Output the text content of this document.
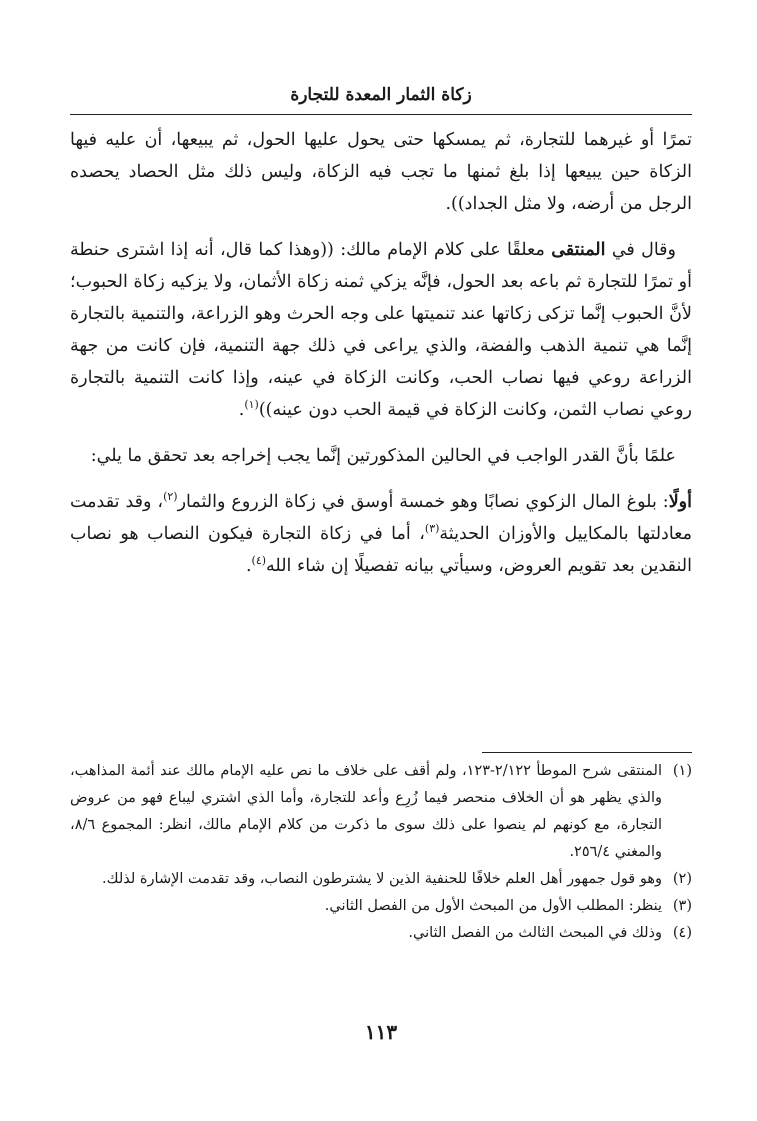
زكاة الثمار المعدة للتجارة

تمرًا أو غيرهما للتجارة، ثم يمسكها حتى يحول عليها الحول، ثم يبيعها، أن عليه فيها الزكاة حين يبيعها إذا بلغ ثمنها ما تجب فيه الزكاة، وليس ذلك مثل الحصاد يحصده الرجل من أرضه، ولا مثل الجداد)).

وقال في المنتقى معلقًا على كلام الإمام مالك: ((وهذا كما قال، أنه إذا اشترى حنطة أو تمرًا للتجارة ثم باعه بعد الحول، فإنَّه يزكي ثمنه زكاة الأثمان، ولا يزكيه زكاة الحبوب؛ لأنَّ الحبوب إنَّما تزكى زكاتها عند تنميتها على وجه الحرث وهو الزراعة، والتنمية بالتجارة إنَّما هي تنمية الذهب والفضة، والذي يراعى في ذلك جهة التنمية، فإن كانت من جهة الزراعة روعي فيها نصاب الحب، وكانت الزكاة في عينه، وإذا كانت التنمية بالتجارة روعي نصاب الثمن، وكانت الزكاة في قيمة الحب دون عينه))$^{(١)}$.

علمًا بأنَّ القدر الواجب في الحالين المذكورتين إنَّما يجب إخراجه بعد تحقق ما يلي:

أولًا: بلوغ المال الزكوي نصابًا وهو خمسة أوسق في زكاة الزروع والثمار$^{(٢)}$، وقد تقدمت معادلتها بالمكاييل والأوزان الحديثة$^{(٣)}$، أما في زكاة التجارة فيكون النصاب هو نصاب النقدين بعد تقويم العروض، وسيأتي بيانه تفصيلًا إن شاء الله$^{(٤)}$.

(١)
المنتقى شرح الموطأ ٢/١٢٢-١٢٣، ولم أقف على خلاف ما نص عليه الإمام مالك عند أئمة المذاهب، والذي يظهر هو أن الخلاف منحصر فيما زُرِع وأعد للتجارة، وأما الذي اشتري ليباع فهو من عروض التجارة، مع كونهم لم ينصوا على ذلك سوى ما ذكرت من كلام الإمام مالك، انظر: المجموع ٨/٦، والمغني ٢٥٦/٤.
(٢)
وهو قول جمهور أهل العلم خلافًا للحنفية الذين لا يشترطون النصاب، وقد تقدمت الإشارة لذلك.
(٣)
ينظر: المطلب الأول من المبحث الأول من الفصل الثاني.
(٤)
وذلك في المبحث الثالث من الفصل الثاني.
١١٣
